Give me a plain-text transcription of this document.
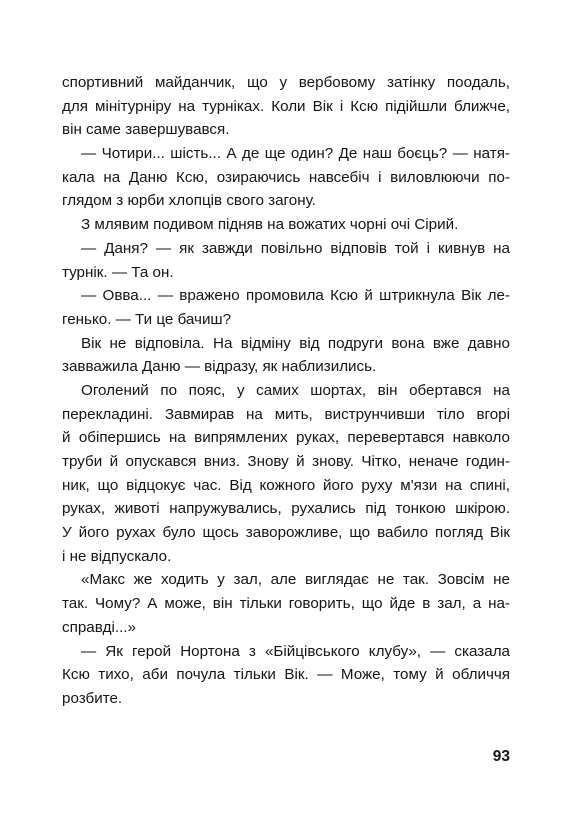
спортивний майданчик, що у вербовому затінку поодаль,
для мінітурніру на турніках. Коли Вік і Ксю підійшли ближче,
він саме завершувався.
— Чотири... шість... А де ще один? Де наш боєць? — натя-
кала на Даню Ксю, озираючись навсебіч і виловлюючи по-
глядом з юрби хлопців свого загону.
З млявим подивом підняв на вожатих чорні очі Сірий.
— Даня? — як завжди повільно відповів той і кивнув на
турнік. — Та он.
— Овва... — вражено промовила Ксю й штрикнула Вік ле-
генько. — Ти це бачиш?
Вік не відповіла. На відміну від подруги вона вже давно
завважила Даню — відразу, як наблизились.
Оголений по пояс, у самих шортах, він обертався на
перекладині. Завмирав на мить, виструнчивши тіло вгорі
й обіпершись на випрямлених руках, перевертався навколо
труби й опускався вниз. Знову й знову. Чітко, неначе годин-
ник, що відцокує час. Від кожного його руху м'язи на спині,
руках, животі напружувались, рухались під тонкою шкірою.
У його рухах було щось заворожливе, що вабило погляд Вік
і не відпускало.
«Макс же ходить у зал, але виглядає не так. Зовсім не
так. Чому? А може, він тільки говорить, що йде в зал, а на-
справді...»
— Як герой Нортона з «Бійцівського клубу», — сказала
Ксю тихо, аби почула тільки Вік. — Може, тому й обличчя
розбите.
93
